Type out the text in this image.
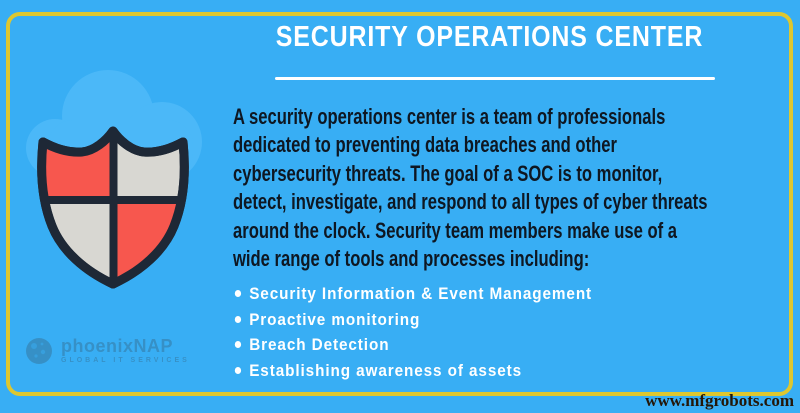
SECURITY OPERATIONS CENTER

A security operations center is a team of professionals dedicated to preventing data breaches and other cybersecurity threats. The goal of a SOC is to monitor, detect, investigate, and respond to all types of cyber threats around the clock. Security team members make use of a wide range of tools and processes including:

Security Information & Event Management
Proactive monitoring
Breach Detection
Establishing awareness of assets
phoenixNAP
GLOBAL IT SERVICES
www.mfgrobots.com
